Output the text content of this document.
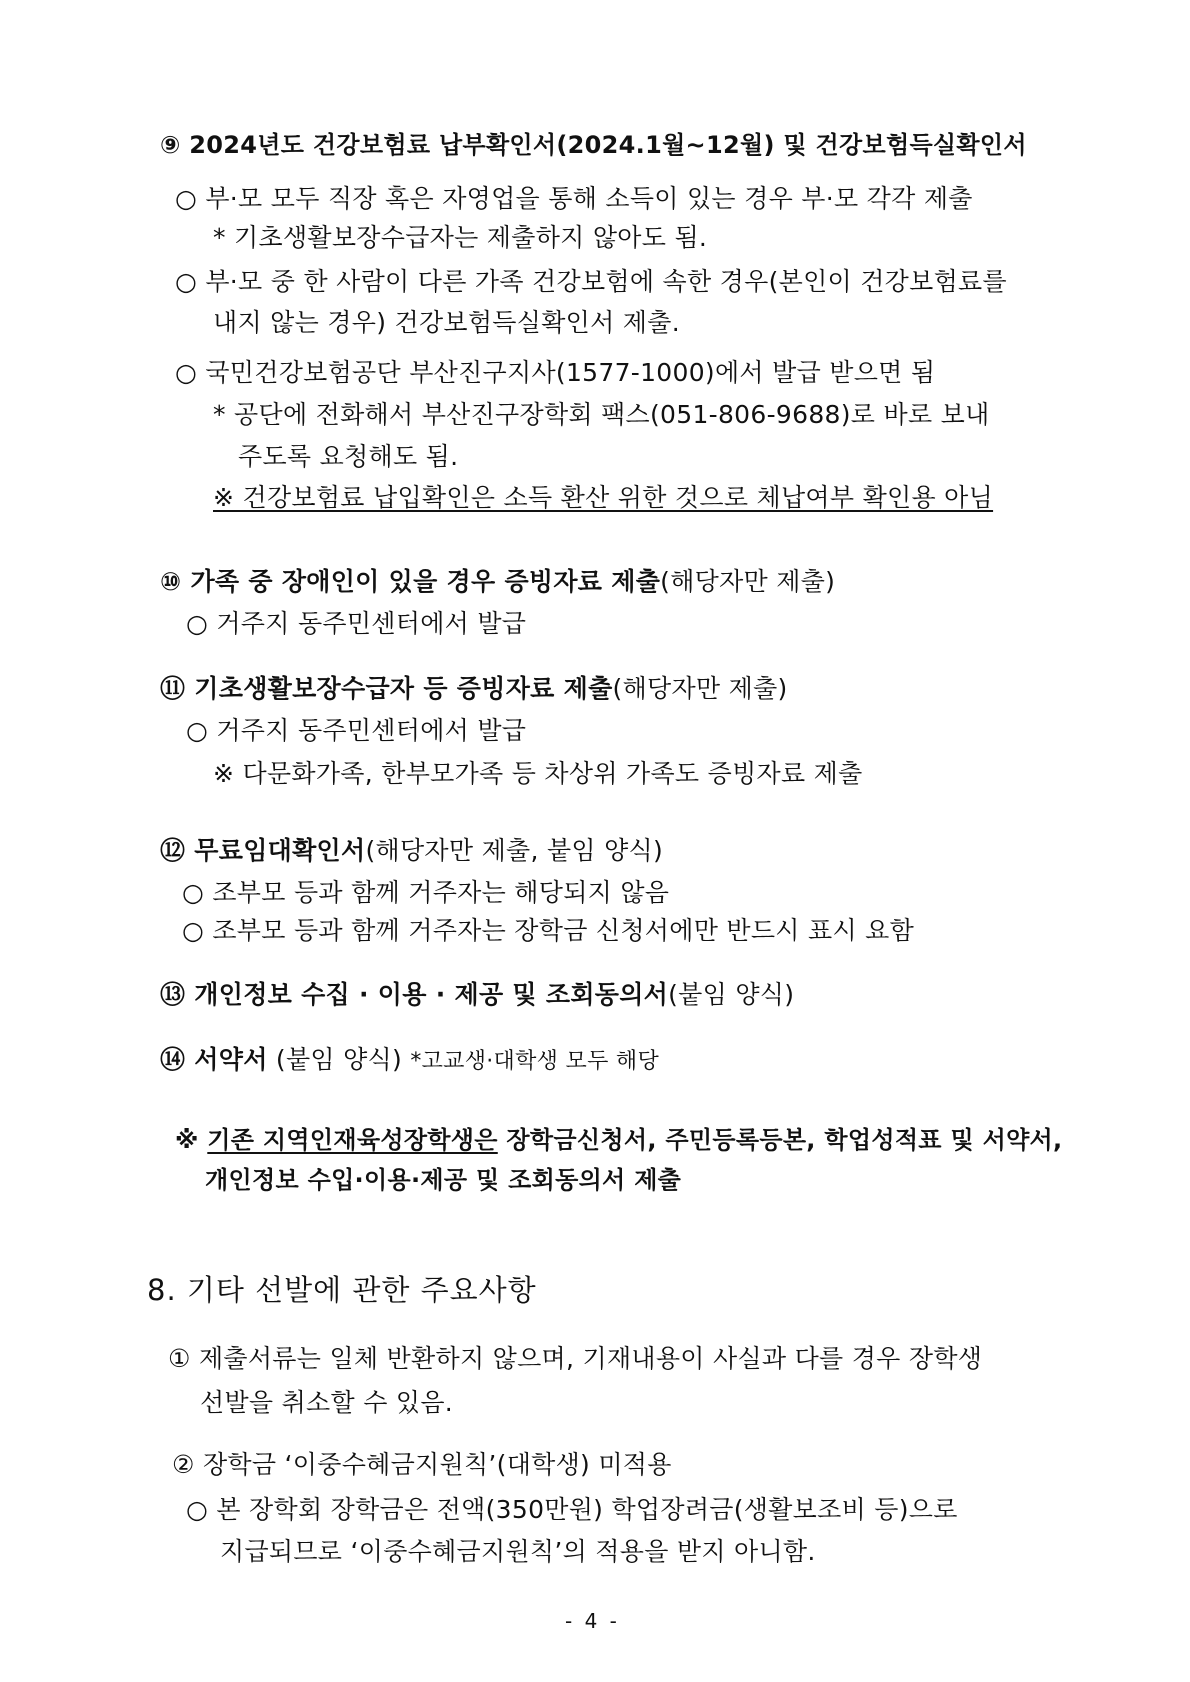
⑨ 2024년도 건강보험료 납부확인서(2024.1월~12월) 및 건강보험득실확인서
○ 부·모 모두 직장 혹은 자영업을 통해 소득이 있는 경우 부·모 각각 제출
* 기초생활보장수급자는 제출하지 않아도 됨.
○ 부·모 중 한 사람이 다른 가족 건강보험에 속한 경우(본인이 건강보험료를
내지 않는 경우) 건강보험득실확인서 제출.
○ 국민건강보험공단 부산진구지사(1577-1000)에서 발급 받으면 됨
* 공단에 전화해서 부산진구장학회 팩스(051-806-9688)로 바로 보내
주도록 요청해도 됨.
※ 건강보험료 납입확인은 소득 환산 위한 것으로 체납여부 확인용 아님
⑩ 가족 중 장애인이 있을 경우 증빙자료 제출(해당자만 제출)
○ 거주지 동주민센터에서 발급
⑪ 기초생활보장수급자 등 증빙자료 제출(해당자만 제출)
○ 거주지 동주민센터에서 발급
※ 다문화가족, 한부모가족 등 차상위 가족도 증빙자료 제출
⑫ 무료임대확인서(해당자만 제출, 붙임 양식)
○ 조부모 등과 함께 거주자는 해당되지 않음
○ 조부모 등과 함께 거주자는 장학금 신청서에만 반드시 표시 요함
⑬ 개인정보 수집 · 이용 · 제공 및 조회동의서(붙임 양식)
⑭ 서약서 (붙임 양식) *고교생·대학생 모두 해당
※ 기존 지역인재육성장학생은 장학금신청서, 주민등록등본, 학업성적표 및 서약서,
개인정보 수입·이용·제공 및 조회동의서 제출
8. 기타 선발에 관한 주요사항
① 제출서류는 일체 반환하지 않으며, 기재내용이 사실과 다를 경우 장학생
선발을 취소할 수 있음.
② 장학금 ‘이중수혜금지원칙’(대학생) 미적용
○ 본 장학회 장학금은 전액(350만원) 학업장려금(생활보조비 등)으로
지급되므로 ‘이중수혜금지원칙’의 적용을 받지 아니함.
- 4 -
